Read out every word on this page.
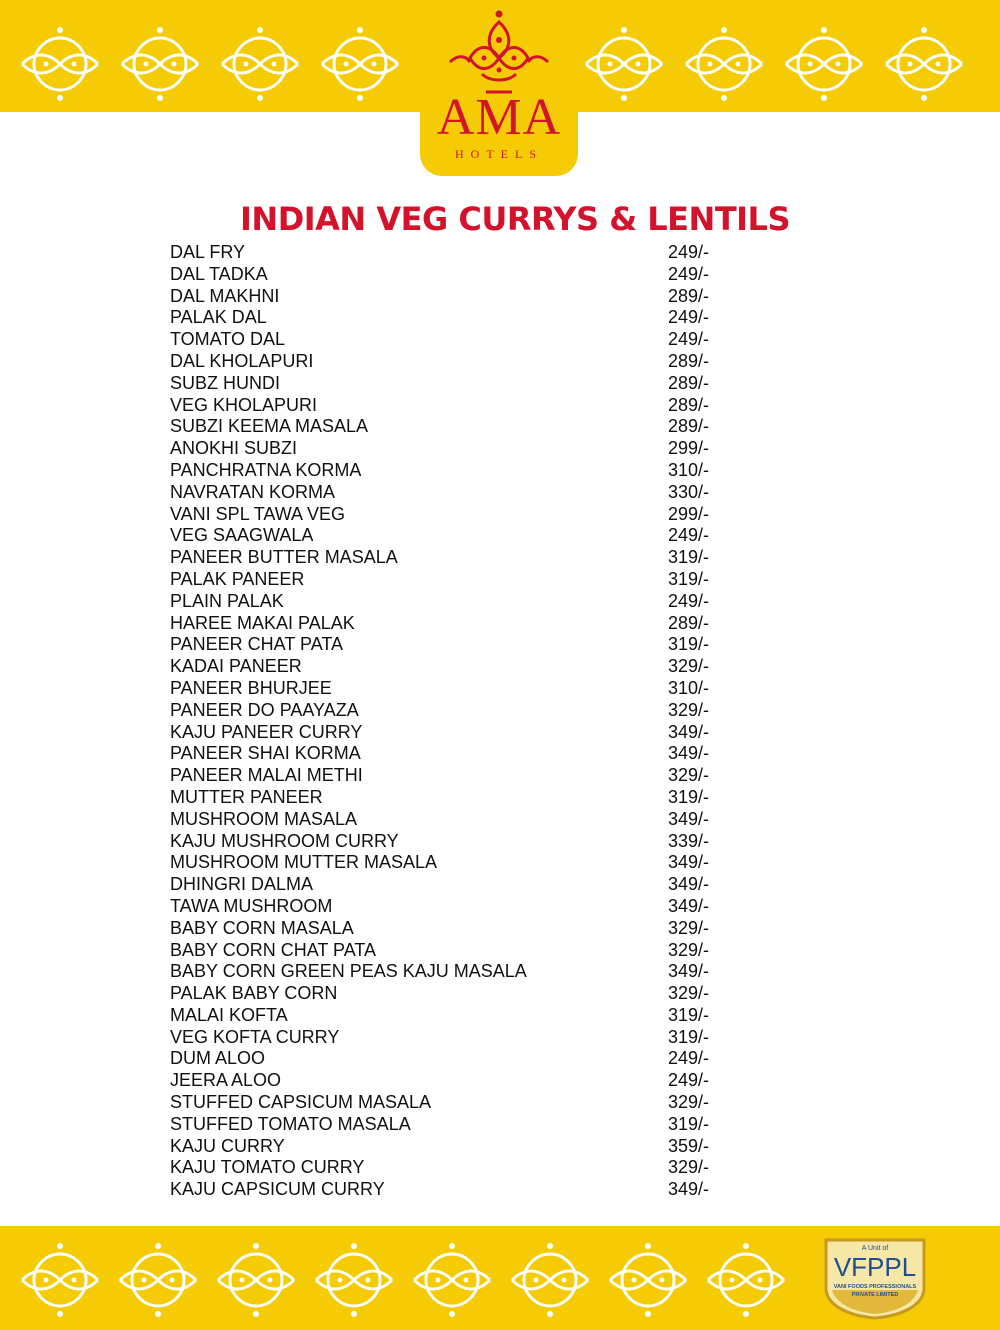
AMA
HOTELS
INDIAN VEG CURRYS & LENTILS
DAL FRY	249/-
DAL TADKA	249/-
DAL MAKHNI	289/-
PALAK DAL	249/-
TOMATO DAL	249/-
DAL KHOLAPURI	289/-
SUBZ HUNDI	289/-
VEG KHOLAPURI	289/-
SUBZI KEEMA MASALA	289/-
ANOKHI SUBZI	299/-
PANCHRATNA KORMA	310/-
NAVRATAN KORMA	330/-
VANI SPL TAWA VEG	299/-
VEG SAAGWALA	249/-
PANEER BUTTER MASALA	319/-
PALAK PANEER	319/-
PLAIN PALAK	249/-
HAREE MAKAI PALAK	289/-
PANEER CHAT PATA	319/-
KADAI PANEER	329/-
PANEER BHURJEE	310/-
PANEER DO PAAYAZA	329/-
KAJU PANEER CURRY	349/-
PANEER SHAI KORMA	349/-
PANEER MALAI METHI	329/-
MUTTER PANEER	319/-
MUSHROOM MASALA	349/-
KAJU MUSHROOM CURRY	339/-
MUSHROOM MUTTER MASALA	349/-
DHINGRI DALMA	349/-
TAWA MUSHROOM	349/-
BABY CORN MASALA	329/-
BABY CORN CHAT PATA	329/-
BABY CORN GREEN PEAS KAJU MASALA	349/-
PALAK BABY CORN	329/-
MALAI KOFTA	319/-
VEG KOFTA CURRY	319/-
DUM ALOO	249/-
JEERA ALOO	249/-
STUFFED CAPSICUM MASALA	329/-
STUFFED TOMATO MASALA	319/-
KAJU CURRY	359/-
KAJU TOMATO CURRY	329/-
KAJU CAPSICUM CURRY	349/-
A Unit of
VFPPL
VANI FOODS PROFESSIONALS
PRIVATE LIMITED
